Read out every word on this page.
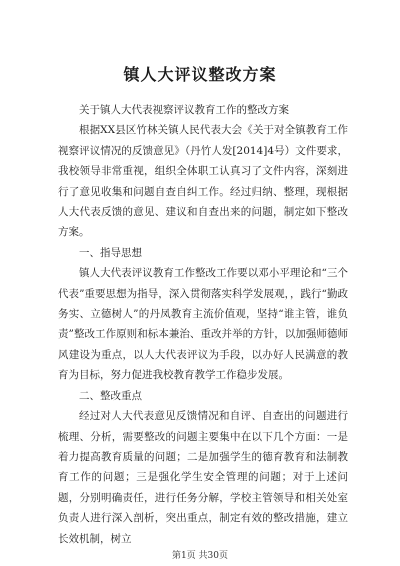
镇人大评议整改方案

关于镇人大代表视察评议教育工作的整改方案

根据XX县区竹林关镇人民代表大会《关于对全镇教育工作视察评议情况的反馈意见》（丹竹人发[2014]4号）文件要求，我校领导非常重视，组织全体职工认真习了文件内容，深刻进行了意见收集和问题自查自纠工作。经过归纳、整理，现根据人大代表反馈的意见、建议和自查出来的问题，制定如下整改方案。

一、指导思想

镇人大代表评议教育工作整改工作要以邓小平理论和“三个代表”重要思想为指导，深入贯彻落实科学发展观，，践行“勤政务实、立德树人”的丹凤教育主流价值观，坚持“谁主管，谁负责”整改工作原则和标本兼治、重改并举的方针，以加强师德师风建设为重点，以人大代表评议为手段，以办好人民满意的教育为目标，努力促进我校教育教学工作稳步发展。

二、整改重点

经过对人大代表意见反馈情况和自评、自查出的问题进行梳理、分析，需要整改的问题主要集中在以下几个方面：一是着力提高教育质量的问题；二是加强学生的德育教育和法制教育工作的问题；三是强化学生安全管理的问题；对于上述问题，分别明确责任，进行任务分解，学校主管领导和相关处室负责人进行深入剖析，突出重点，制定有效的整改措施，建立长效机制，树立

第1页 共30页
